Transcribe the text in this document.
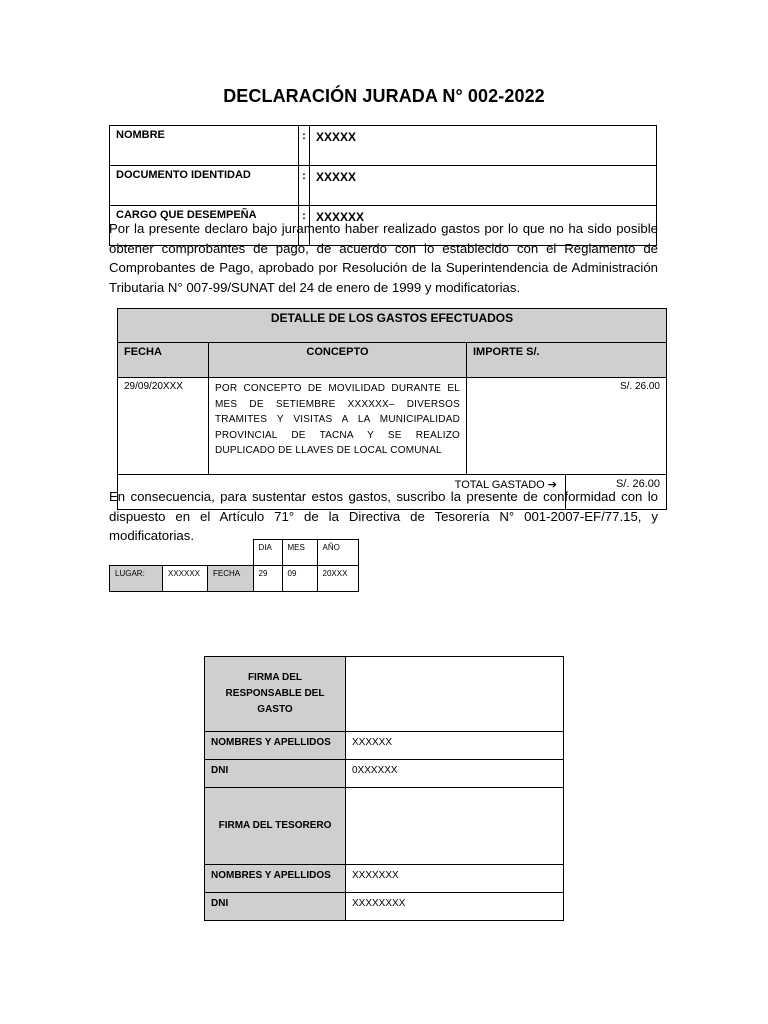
DECLARACIÓN JURADA N° 002-2022
NOMBRE	:	XXXXX
DOCUMENTO IDENTIDAD	:	XXXXX
CARGO QUE DESEMPEÑA	:	XXXXXX
Por la presente declaro bajo juramento haber realizado gastos por lo que no ha sido posible obtener comprobantes de pago, de acuerdo con lo establecido con el Reglamento de Comprobantes de Pago, aprobado por Resolución de la Superintendencia de Administración Tributaria N° 007-99/SUNAT del 24 de enero de 1999 y modificatorias.
DETALLE DE LOS GASTOS EFECTUADOS
FECHA	CONCEPTO	IMPORTE S/.
29/09/20XXX	POR CONCEPTO DE MOVILIDAD DURANTE EL MES DE SETIEMBRE XXXXXX– DIVERSOS TRAMITES Y VISITAS A LA MUNICIPALIDAD PROVINCIAL DE TACNA Y SE REALIZO DUPLICADO DE LLAVES DE LOCAL COMUNAL	S/. 26.00

TOTAL GASTADO ➔	S/. 26.00
En consecuencia, para sustentar estos gastos, suscribo la presente de conformidad con lo dispuesto en el Artículo 71° de la Directiva de Tesorería N° 001-2007-EF/77.15, y modificatorias.
			DIA	MES	AÑO
LUGAR:	XXXXXX	FECHA	29	09	20XXX
FIRMA DEL RESPONSABLE DEL GASTO	
NOMBRES Y APELLIDOS	XXXXXX
DNI	0XXXXXX
FIRMA DEL TESORERO	
NOMBRES Y APELLIDOS	XXXXXXX
DNI	XXXXXXXX
